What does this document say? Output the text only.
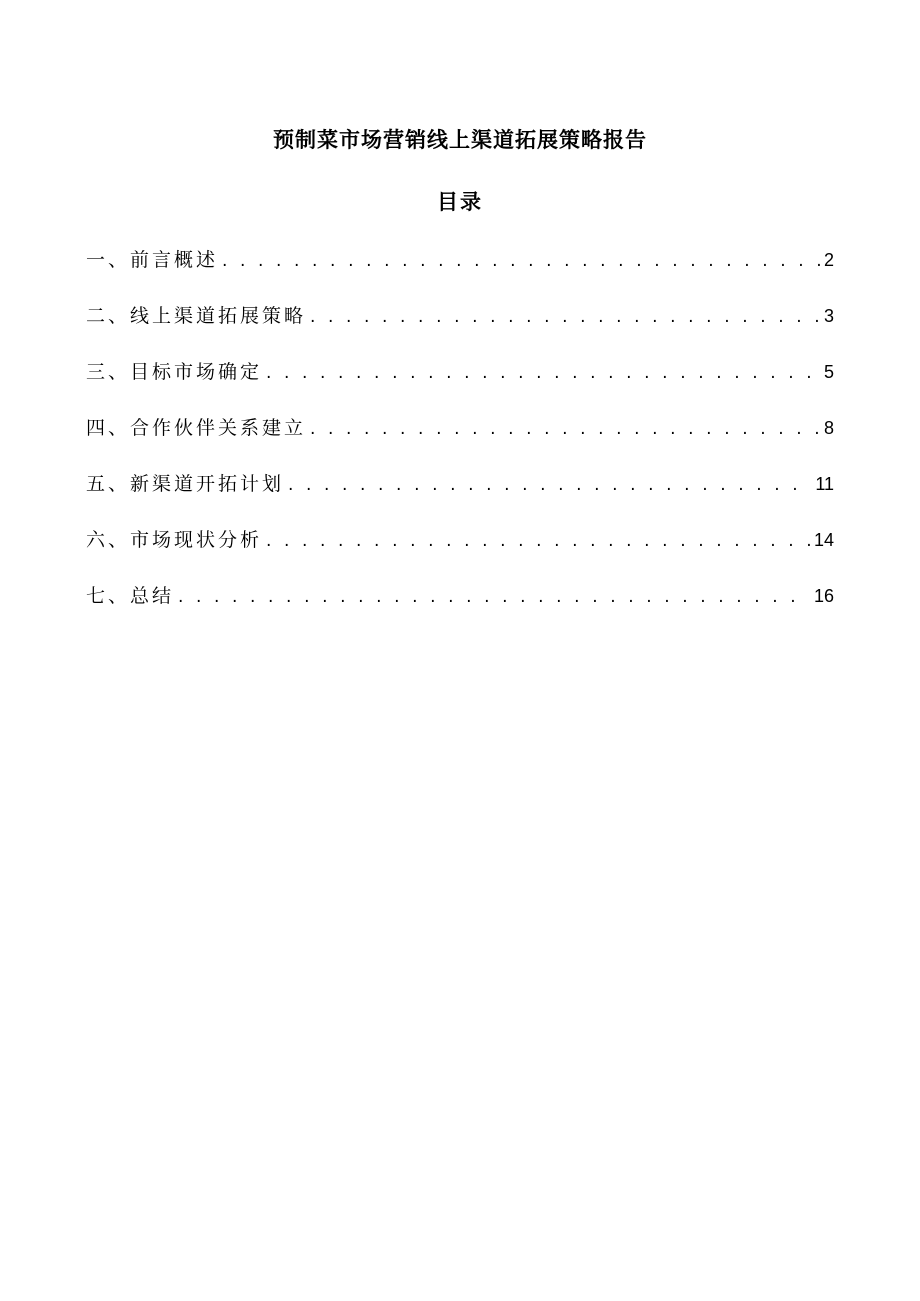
预制菜市场营销线上渠道拓展策略报告
目录
一、前言概述 . . .	2
二、线上渠道拓展策略 . . .	3
三、目标市场确定 . . .	5
四、合作伙伴关系建立 . . .	8
五、新渠道开拓计划 . . .	11
六、市场现状分析 . . .	14
七、总结 . . .	16
